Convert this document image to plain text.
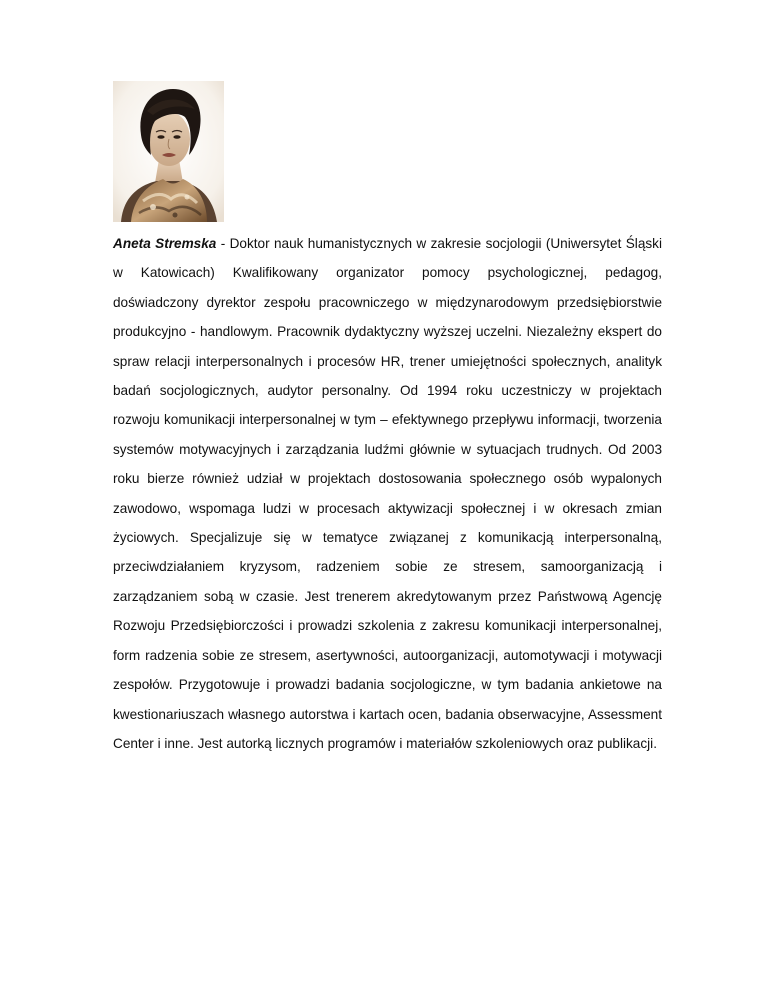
Aneta Stremska - Doktor nauk humanistycznych w zakresie socjologii (Uniwersytet Śląski w Katowicach) Kwalifikowany organizator pomocy psychologicznej, pedagog, doświadczony dyrektor zespołu pracowniczego w międzynarodowym przedsiębiorstwie produkcyjno - handlowym. Pracownik dydaktyczny wyższej uczelni. Niezależny ekspert do spraw relacji interpersonalnych i procesów HR, trener umiejętności społecznych, analityk badań socjologicznych, audytor personalny. Od 1994 roku uczestniczy w projektach rozwoju komunikacji interpersonalnej w tym – efektywnego przepływu informacji, tworzenia systemów motywacyjnych i zarządzania ludźmi głównie w sytuacjach trudnych. Od 2003 roku bierze również udział w projektach dostosowania społecznego osób wypalonych zawodowo, wspomaga ludzi w procesach aktywizacji społecznej i w okresach zmian życiowych. Specjalizuje się w tematyce związanej z komunikacją interpersonalną, przeciwdziałaniem kryzysom, radzeniem sobie ze stresem, samoorganizacją i zarządzaniem sobą w czasie. Jest trenerem akredytowanym przez Państwową Agencję Rozwoju Przedsiębiorczości i prowadzi szkolenia z zakresu komunikacji interpersonalnej, form radzenia sobie ze stresem, asertywności, autoorganizacji, automotywacji i motywacji zespołów. Przygotowuje i prowadzi badania socjologiczne, w tym badania ankietowe na kwestionariuszach własnego autorstwa i kartach ocen, badania obserwacyjne, Assessment Center i inne. Jest autorką licznych programów i materiałów szkoleniowych oraz publikacji.
